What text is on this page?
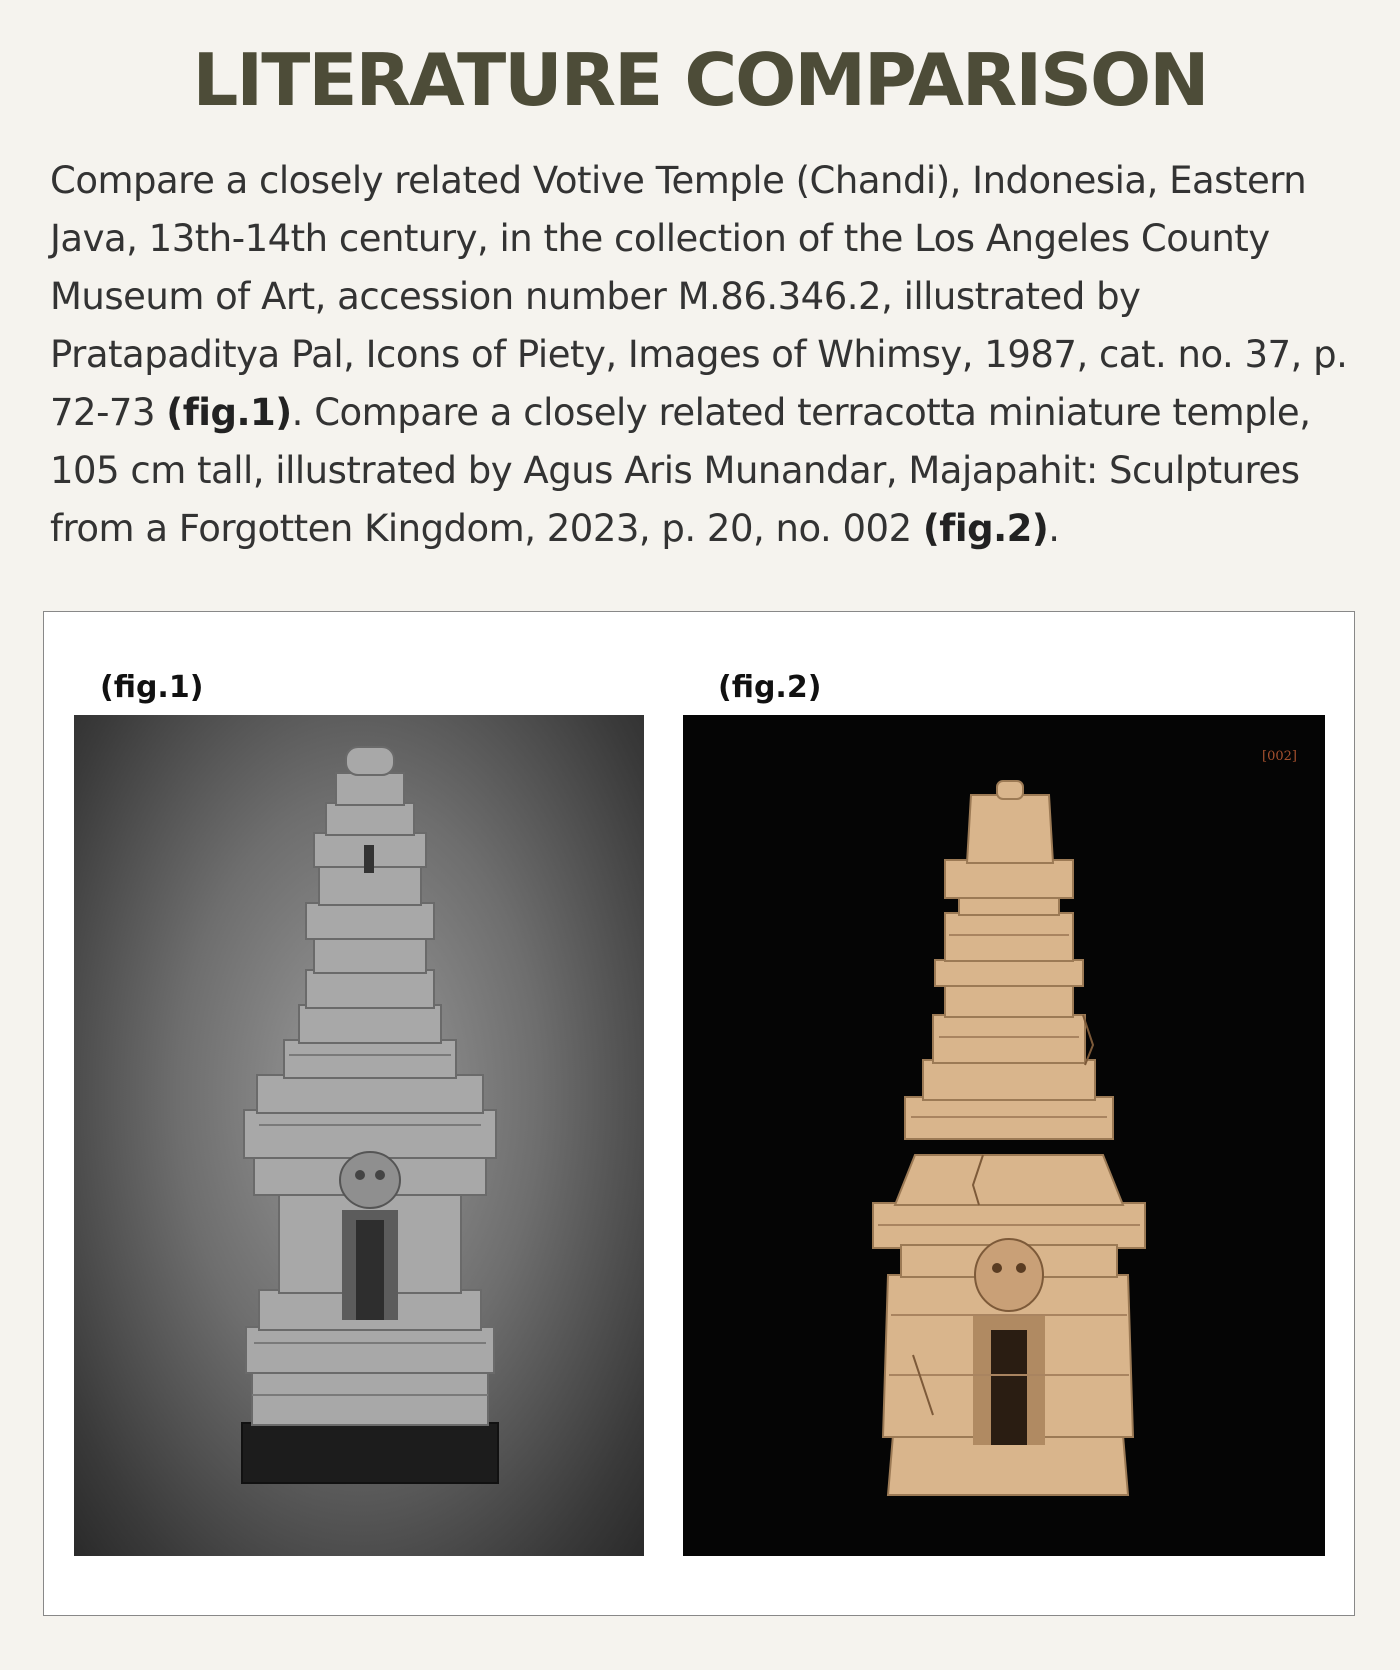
LITERATURE COMPARISON

Compare a closely related Votive Temple (Chandi), Indonesia, Eastern Java, 13th-14th century, in the collection of the Los Angeles County Museum of Art, accession number M.86.346.2, illustrated by Pratapaditya Pal, Icons of Piety, Images of Whimsy, 1987, cat. no. 37, p. 72-73 (fig.1). Compare a closely related terracotta miniature temple, 105 cm tall, illustrated by Agus Aris Munandar, Majapahit: Sculptures from a Forgotten Kingdom, 2023, p. 20, no. 002 (fig.2).

(fig.1)	(fig.2)
[002]
